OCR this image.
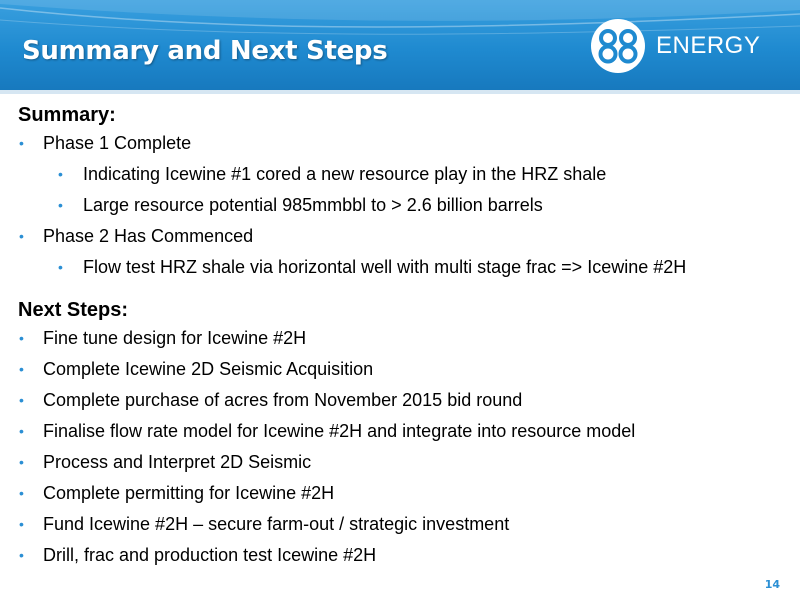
Summary and Next Steps	ENERGY
Summary:
• Phase 1 Complete
• Indicating Icewine #1 cored a new resource play in the HRZ shale
• Large resource potential 985mmbbl to > 2.6 billion barrels
• Phase 2 Has Commenced
• Flow test HRZ shale via horizontal well with multi stage frac => Icewine #2H
Next Steps:
• Fine tune design for Icewine #2H
• Complete Icewine 2D Seismic Acquisition
• Complete purchase of acres from November 2015 bid round
• Finalise flow rate model for Icewine #2H and integrate into resource model
• Process and Interpret 2D Seismic
• Complete permitting for Icewine #2H
• Fund Icewine #2H – secure farm-out / strategic investment
• Drill, frac and production test Icewine #2H
14
